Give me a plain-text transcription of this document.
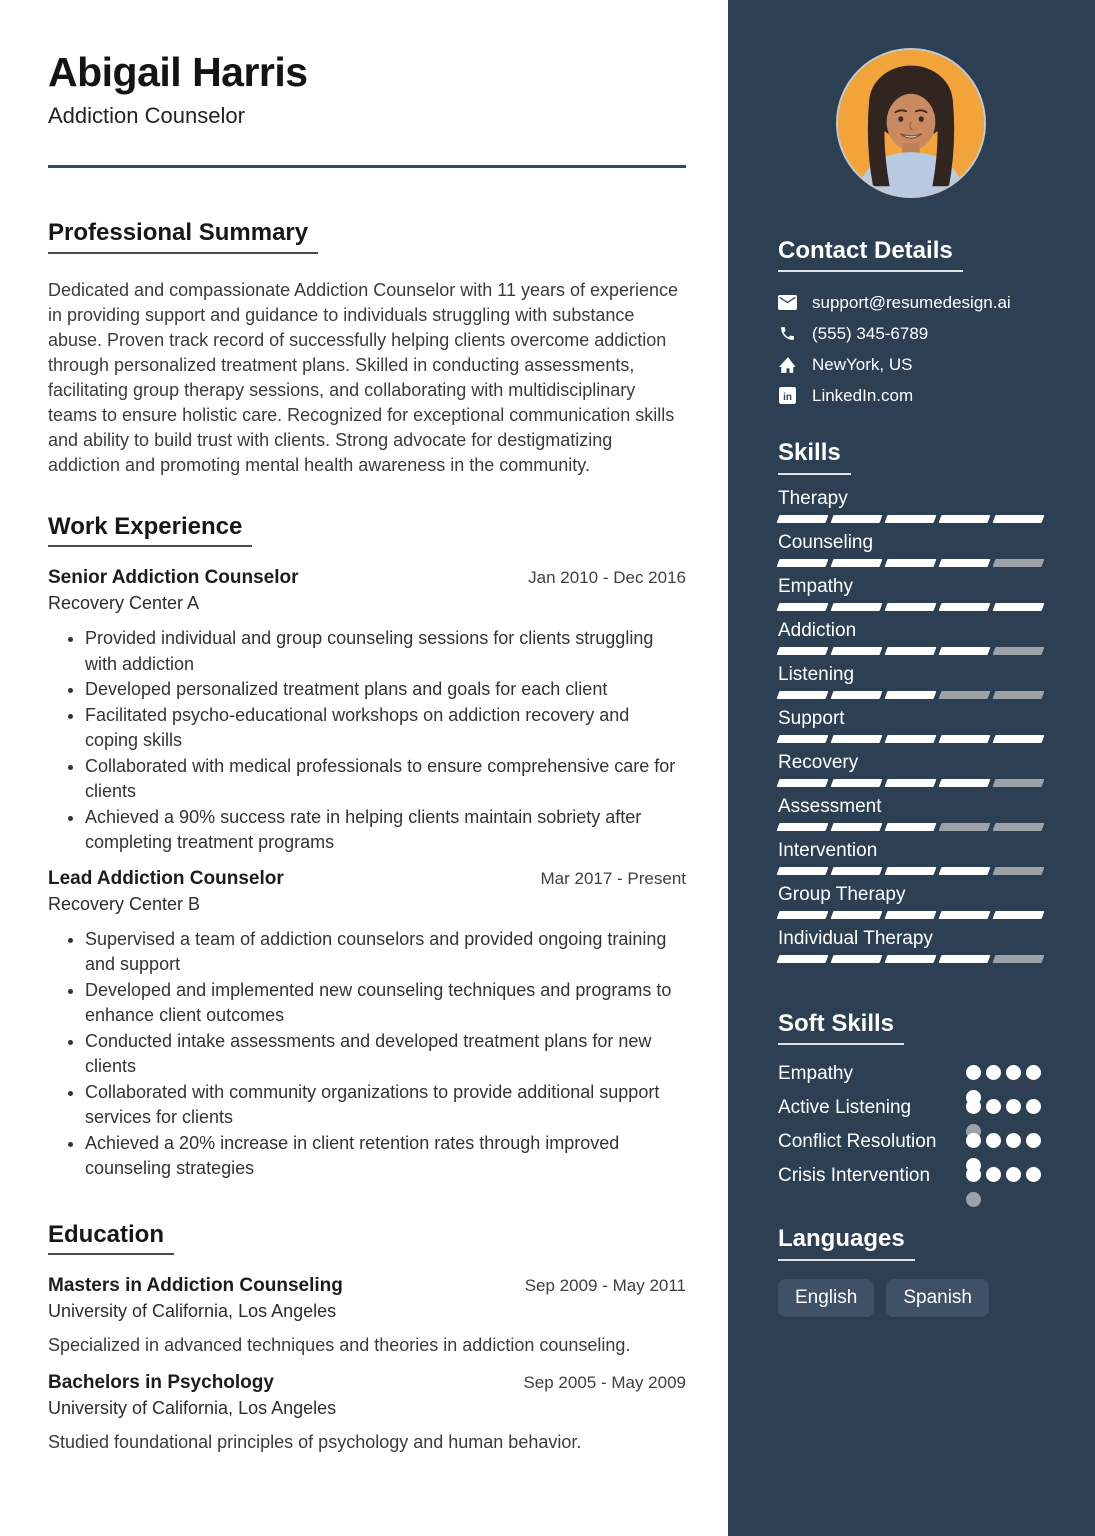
Abigail Harris
Addiction Counselor
Professional Summary
Dedicated and compassionate Addiction Counselor with 11 years of experience in providing support and guidance to individuals struggling with substance abuse. Proven track record of successfully helping clients overcome addiction through personalized treatment plans. Skilled in conducting assessments, facilitating group therapy sessions, and collaborating with multidisciplinary teams to ensure holistic care. Recognized for exceptional communication skills and ability to build trust with clients. Strong advocate for destigmatizing addiction and promoting mental health awareness in the community.
Work Experience
Senior Addiction Counselor	Jan 2010 - Dec 2016
Recovery Center A
• Provided individual and group counseling sessions for clients struggling with addiction
• Developed personalized treatment plans and goals for each client
• Facilitated psycho-educational workshops on addiction recovery and coping skills
• Collaborated with medical professionals to ensure comprehensive care for clients
• Achieved a 90% success rate in helping clients maintain sobriety after completing treatment programs
Lead Addiction Counselor	Mar 2017 - Present
Recovery Center B
• Supervised a team of addiction counselors and provided ongoing training and support
• Developed and implemented new counseling techniques and programs to enhance client outcomes
• Conducted intake assessments and developed treatment plans for new clients
• Collaborated with community organizations to provide additional support services for clients
• Achieved a 20% increase in client retention rates through improved counseling strategies
Education
Masters in Addiction Counseling	Sep 2009 - May 2011
University of California, Los Angeles
Specialized in advanced techniques and theories in addiction counseling.
Bachelors in Psychology	Sep 2005 - May 2009
University of California, Los Angeles
Studied foundational principles of psychology and human behavior.
Contact Details
support@resumedesign.ai
(555) 345-6789
NewYork, US
in LinkedIn.com
Skills
Therapy
Counseling
Empathy
Addiction
Listening
Support
Recovery
Assessment
Intervention
Group Therapy
Individual Therapy
Soft Skills
Empathy
Active Listening
Conflict Resolution
Crisis Intervention
Languages
English	Spanish
